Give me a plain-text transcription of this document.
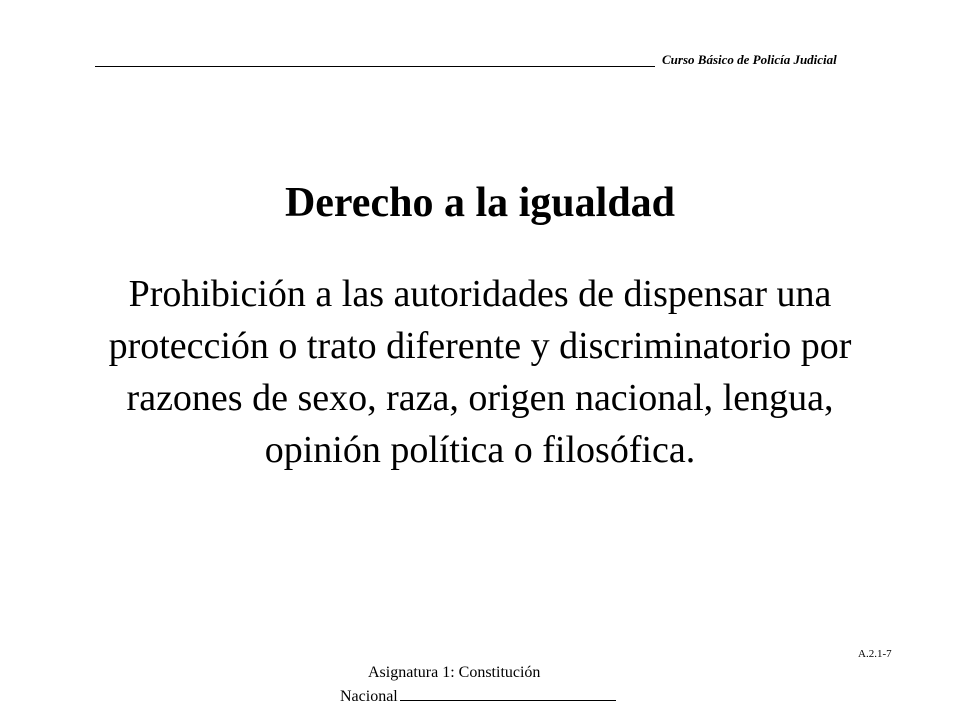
Curso Básico de Policía Judicial
Derecho a la igualdad

Prohibición a las autoridades de dispensar una protección o trato diferente y discriminatorio por razones de sexo, raza, origen nacional, lengua, opinión política o filosófica.

A.2.1-7
Asignatura 1: Constitución
Nacional
